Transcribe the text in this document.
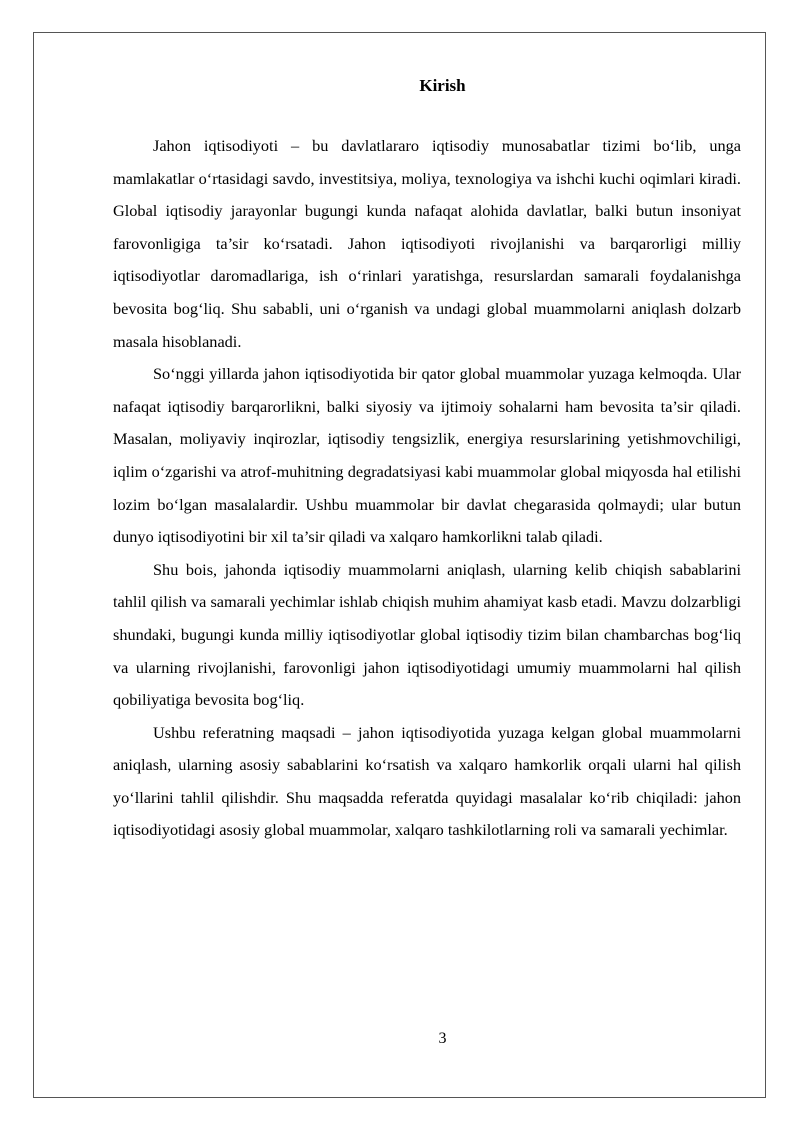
Kirish

Jahon iqtisodiyoti – bu davlatlararo iqtisodiy munosabatlar tizimi bo‘lib, unga mamlakatlar o‘rtasidagi savdo, investitsiya, moliya, texnologiya va ishchi kuchi oqimlari kiradi. Global iqtisodiy jarayonlar bugungi kunda nafaqat alohida davlatlar, balki butun insoniyat farovonligiga ta’sir ko‘rsatadi. Jahon iqtisodiyoti rivojlanishi va barqarorligi milliy iqtisodiyotlar daromadlariga, ish o‘rinlari yaratishga, resurslardan samarali foydalanishga bevosita bog‘liq. Shu sababli, uni o‘rganish va undagi global muammolarni aniqlash dolzarb masala hisoblanadi.

So‘nggi yillarda jahon iqtisodiyotida bir qator global muammolar yuzaga kelmoqda. Ular nafaqat iqtisodiy barqarorlikni, balki siyosiy va ijtimoiy sohalarni ham bevosita ta’sir qiladi. Masalan, moliyaviy inqirozlar, iqtisodiy tengsizlik, energiya resurslarining yetishmovchiligi, iqlim o‘zgarishi va atrof-muhitning degradatsiyasi kabi muammolar global miqyosda hal etilishi lozim bo‘lgan masalalardir. Ushbu muammolar bir davlat chegarasida qolmaydi; ular butun dunyo iqtisodiyotini bir xil ta’sir qiladi va xalqaro hamkorlikni talab qiladi.

Shu bois, jahonda iqtisodiy muammolarni aniqlash, ularning kelib chiqish sabablarini tahlil qilish va samarali yechimlar ishlab chiqish muhim ahamiyat kasb etadi. Mavzu dolzarbligi shundaki, bugungi kunda milliy iqtisodiyotlar global iqtisodiy tizim bilan chambarchas bog‘liq va ularning rivojlanishi, farovonligi jahon iqtisodiyotidagi umumiy muammolarni hal qilish qobiliyatiga bevosita bog‘liq.

Ushbu referatning maqsadi – jahon iqtisodiyotida yuzaga kelgan global muammolarni aniqlash, ularning asosiy sabablarini ko‘rsatish va xalqaro hamkorlik orqali ularni hal qilish yo‘llarini tahlil qilishdir. Shu maqsadda referatda quyidagi masalalar ko‘rib chiqiladi: jahon iqtisodiyotidagi asosiy global muammolar, xalqaro tashkilotlarning roli va samarali yechimlar.

3
